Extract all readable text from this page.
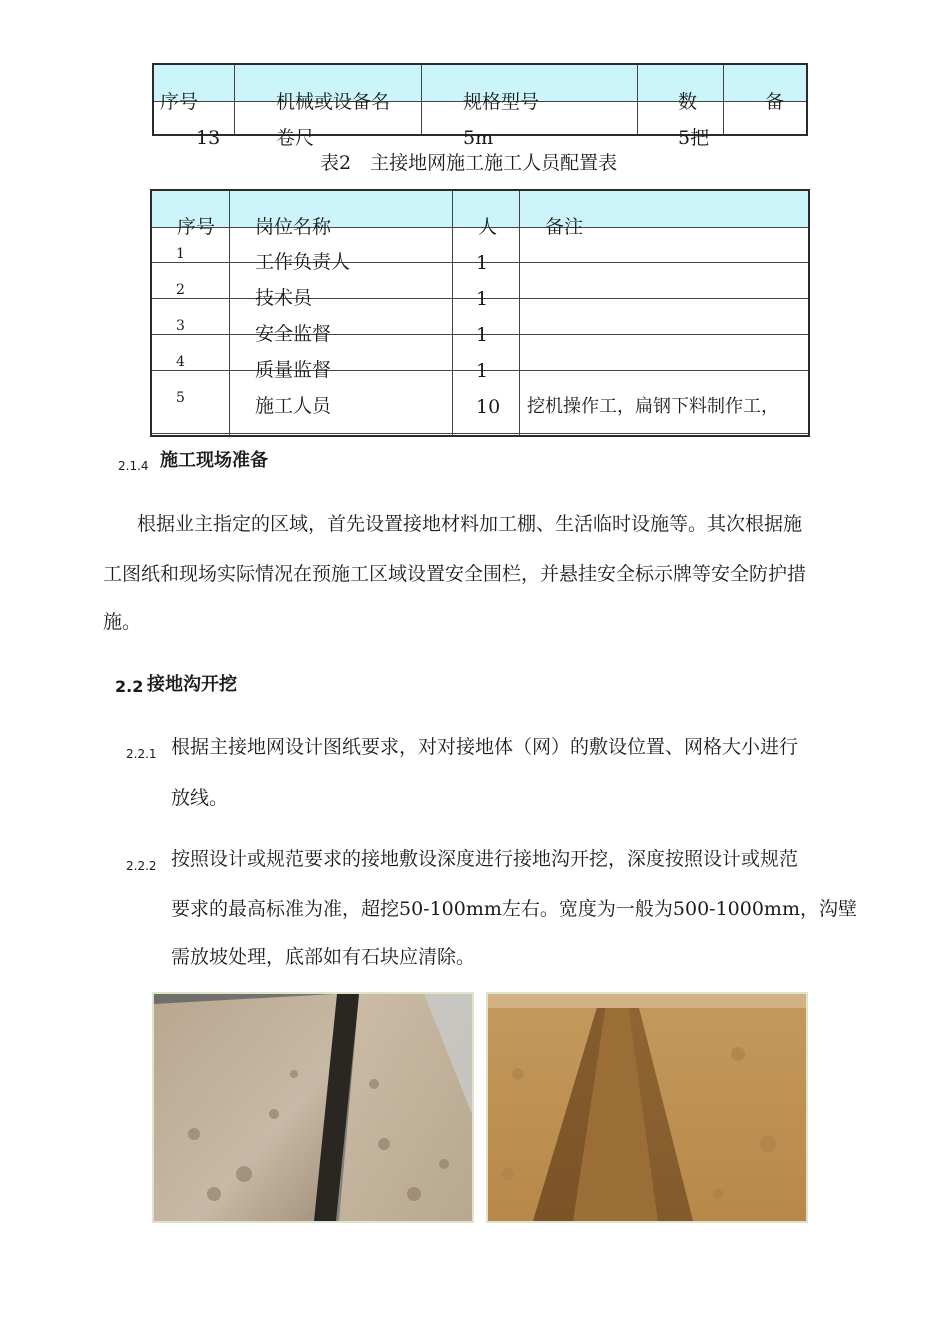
序号	机械或设备名	规格型号	数	备
13	卷尺	5m	5把
表2　主接地网施工施工人员配置表
序号 岗位名称	人	备注
1	工作负责人	1
2	技术员	1
3	安全监督	1
4	质量监督	1
5	施工人员	10 挖机操作工，扁钢下料制作工，
2.1.4 施工现场准备
根据业主指定的区域，首先设置接地材料加工棚、生活临时设施等。其次根据施
工图纸和现场实际情况在预施工区域设置安全围栏，并悬挂安全标示牌等安全防护措
施。
2.2 接地沟开挖
2.2.1 根据主接地网设计图纸要求，对对接地体（网）的敷设位置、网格大小进行
放线。
2.2.2 按照设计或规范要求的接地敷设深度进行接地沟开挖，深度按照设计或规范
要求的最高标准为准，超挖50-100mm左右。宽度为一般为500-1000mm，沟壁
需放坡处理，底部如有石块应清除。
